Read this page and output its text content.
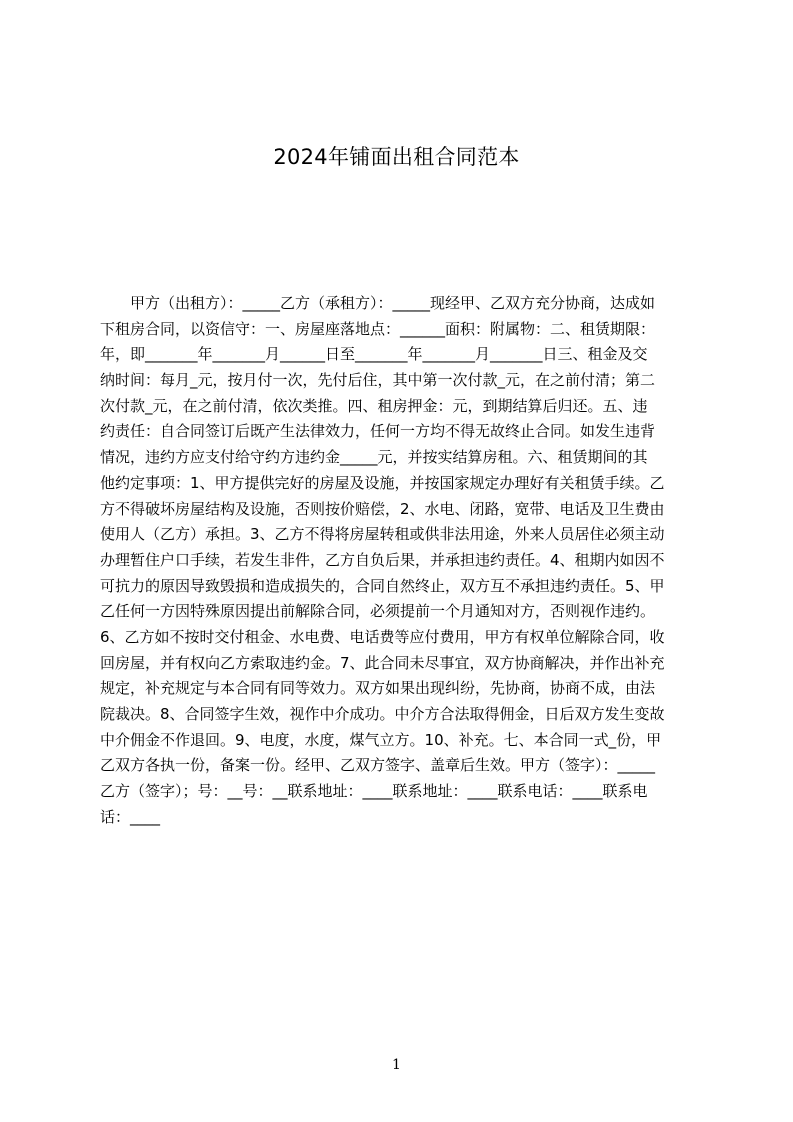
2024年铺面出租合同范本
　　甲方（出租方）：_____乙方（承租方）：_____现经甲、乙双方充分协商，达成如
下租房合同，以资信守：一、房屋座落地点：______面积：附属物：二、租赁期限：
年，即_______年_______月______日至_______年_______月_______日三、租金及交
纳时间：每月_元，按月付一次，先付后住，其中第一次付款_元，在之前付清；第二
次付款_元，在之前付清，依次类推。四、租房押金：元，到期结算后归还。五、违
约责任：自合同签订后既产生法律效力，任何一方均不得无故终止合同。如发生违背
情况，违约方应支付给守约方违约金_____元，并按实结算房租。六、租赁期间的其
他约定事项：1、甲方提供完好的房屋及设施，并按国家规定办理好有关租赁手续。乙
方不得破坏房屋结构及设施，否则按价赔偿，2、水电、闭路，宽带、电话及卫生费由
使用人（乙方）承担。3、乙方不得将房屋转租或供非法用途，外来人员居住必须主动
办理暂住户口手续，若发生非件，乙方自负后果，并承担违约责任。4、租期内如因不
可抗力的原因导致毁损和造成损失的，合同自然终止，双方互不承担违约责任。5、甲
乙任何一方因特殊原因提出前解除合同，必须提前一个月通知对方，否则视作违约。
6、乙方如不按时交付租金、水电费、电话费等应付费用，甲方有权单位解除合同，收
回房屋，并有权向乙方索取违约金。7、此合同未尽事宜，双方协商解决，并作出补充
规定，补充规定与本合同有同等效力。双方如果出现纠纷，先协商，协商不成，由法
院裁决。8、合同签字生效，视作中介成功。中介方合法取得佣金，日后双方发生变故
中介佣金不作退回。9、电度，水度，煤气立方。10、补充。七、本合同一式_份，甲
乙双方各执一份，备案一份。经甲、乙双方签字、盖章后生效。甲方（签字）：_____
乙方（签字）；号：__号：__联系地址：____联系地址：____联系电话：____联系电
话：____
1
